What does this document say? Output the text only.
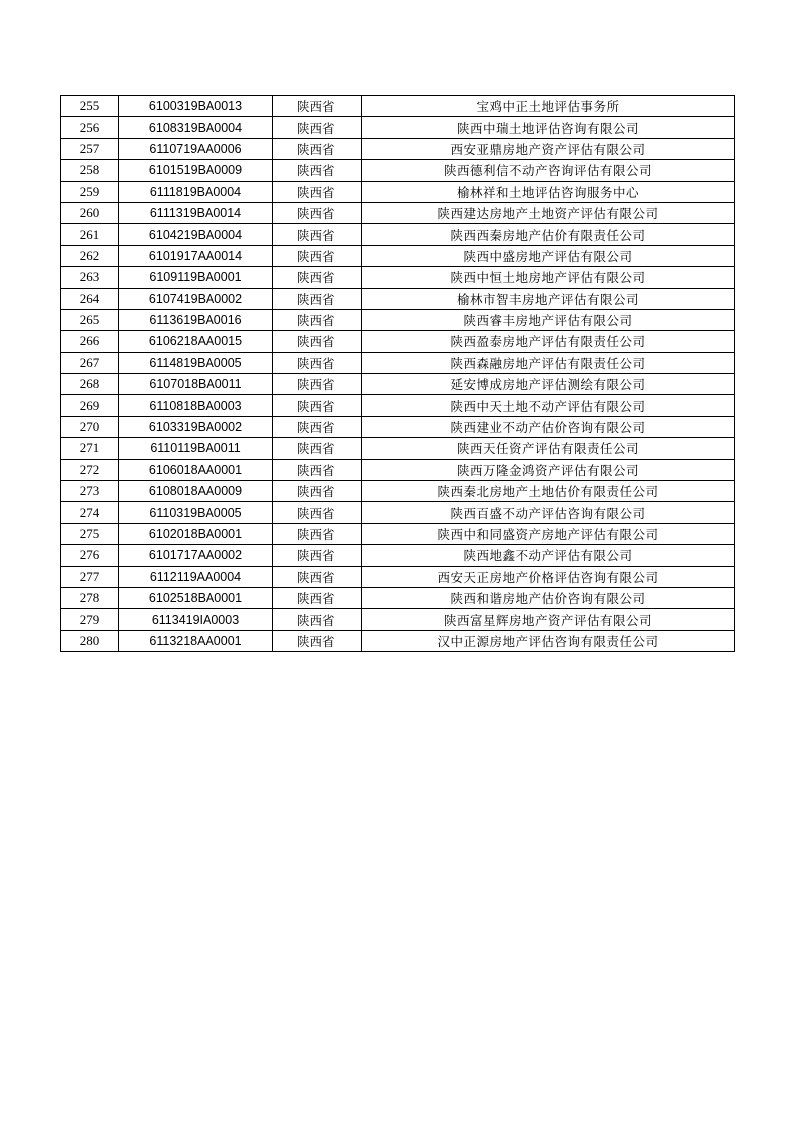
255	6100319BA0013	陕西省	宝鸡中正土地评估事务所
256	6108319BA0004	陕西省	陕西中瑞土地评估咨询有限公司
257	6110719AA0006	陕西省	西安亚鼎房地产资产评估有限公司
258	6101519BA0009	陕西省	陕西德利信不动产咨询评估有限公司
259	6111819BA0004	陕西省	榆林祥和土地评估咨询服务中心
260	6111319BA0014	陕西省	陕西建达房地产土地资产评估有限公司
261	6104219BA0004	陕西省	陕西西秦房地产估价有限责任公司
262	6101917AA0014	陕西省	陕西中盛房地产评估有限公司
263	6109119BA0001	陕西省	陕西中恒土地房地产评估有限公司
264	6107419BA0002	陕西省	榆林市智丰房地产评估有限公司
265	6113619BA0016	陕西省	陕西睿丰房地产评估有限公司
266	6106218AA0015	陕西省	陕西盈泰房地产评估有限责任公司
267	6114819BA0005	陕西省	陕西森融房地产评估有限责任公司
268	6107018BA0011	陕西省	延安博成房地产评估测绘有限公司
269	6110818BA0003	陕西省	陕西中天土地不动产评估有限公司
270	6103319BA0002	陕西省	陕西建业不动产估价咨询有限公司
271	6110119BA0011	陕西省	陕西天任资产评估有限责任公司
272	6106018AA0001	陕西省	陕西万隆金鸿资产评估有限公司
273	6108018AA0009	陕西省	陕西秦北房地产土地估价有限责任公司
274	6110319BA0005	陕西省	陕西百盛不动产评估咨询有限公司
275	6102018BA0001	陕西省	陕西中和同盛资产房地产评估有限公司
276	6101717AA0002	陕西省	陕西地鑫不动产评估有限公司
277	6112119AA0004	陕西省	西安天正房地产价格评估咨询有限公司
278	6102518BA0001	陕西省	陕西和谐房地产估价咨询有限公司
279	6113419IA0003	陕西省	陕西富星辉房地产资产评估有限公司
280	6113218AA0001	陕西省	汉中正源房地产评估咨询有限责任公司
